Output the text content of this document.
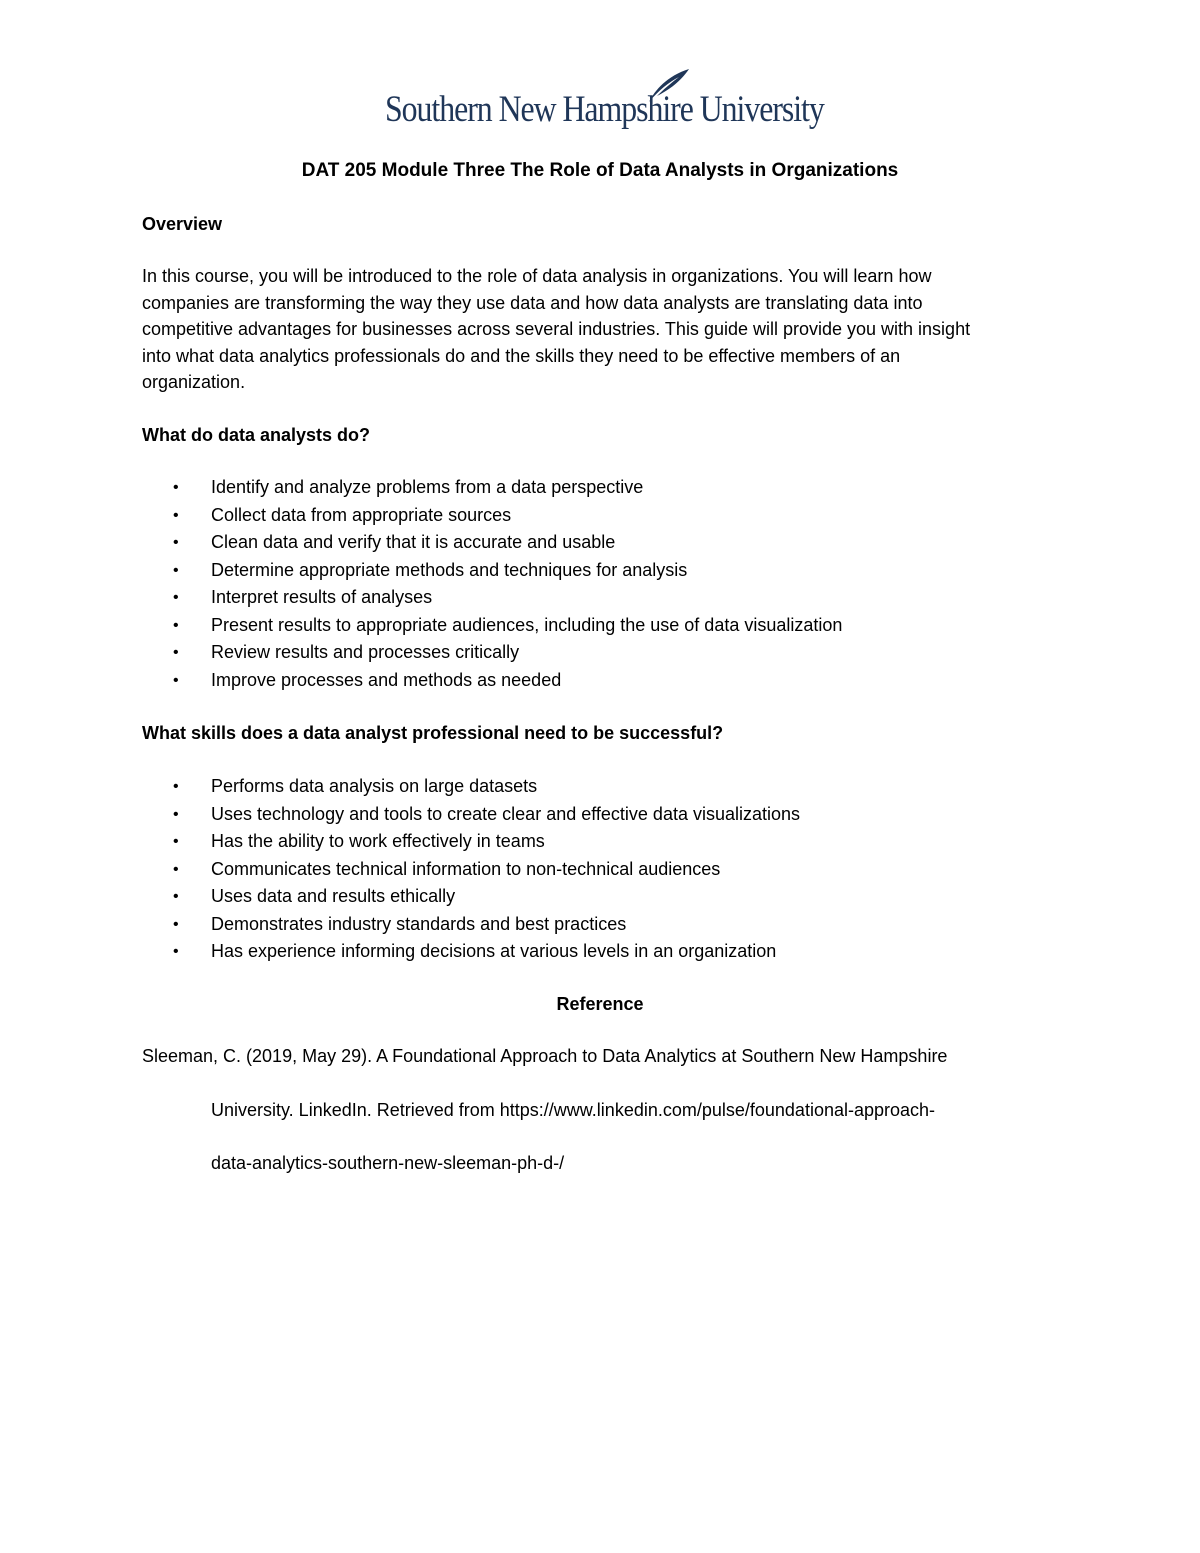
Southern New Hampshire University
DAT 205 Module Three The Role of Data Analysts in Organizations
Overview
In this course, you will be introduced to the role of data analysis in organizations. You will learn how
companies are transforming the way they use data and how data analysts are translating data into
competitive advantages for businesses across several industries. This guide will provide you with insight
into what data analytics professionals do and the skills they need to be effective members of an
organization.
What do data analysts do?
• Identify and analyze problems from a data perspective
• Collect data from appropriate sources
• Clean data and verify that it is accurate and usable
• Determine appropriate methods and techniques for analysis
• Interpret results of analyses
• Present results to appropriate audiences, including the use of data visualization
• Review results and processes critically
• Improve processes and methods as needed
What skills does a data analyst professional need to be successful?
• Performs data analysis on large datasets
• Uses technology and tools to create clear and effective data visualizations
• Has the ability to work effectively in teams
• Communicates technical information to non-technical audiences
• Uses data and results ethically
• Demonstrates industry standards and best practices
• Has experience informing decisions at various levels in an organization
Reference
Sleeman, C. (2019, May 29). A Foundational Approach to Data Analytics at Southern New Hampshire
University. LinkedIn. Retrieved from https://www.linkedin.com/pulse/foundational-approach-
data-analytics-southern-new-sleeman-ph-d-/
